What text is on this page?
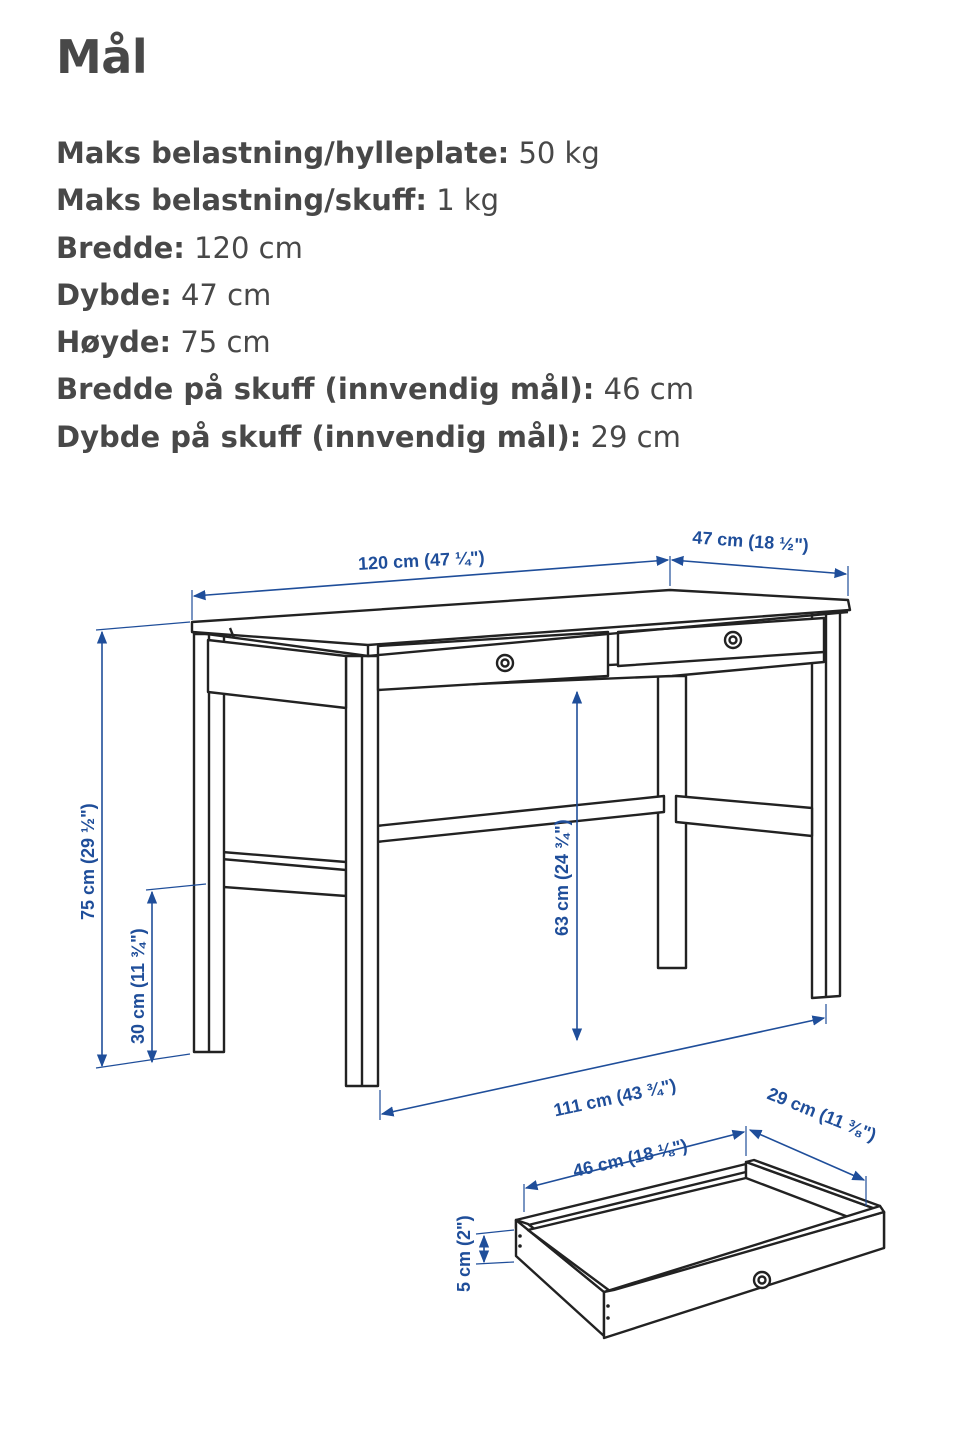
Mål
Maks belastning/hylleplate: 50 kg
Maks belastning/skuff: 1 kg
Bredde: 120 cm
Dybde: 47 cm
Høyde: 75 cm
Bredde på skuff (innvendig mål): 46 cm
Dybde på skuff (innvendig mål): 29 cm
120 cm (47 ¼")
47 cm (18 ½")
75 cm (29 ½")
30 cm (11 ¾")
63 cm (24 ¾")
111 cm (43 ¾")
46 cm (18 ⅛")
29 cm (11 ⅜")
5 cm (2")
